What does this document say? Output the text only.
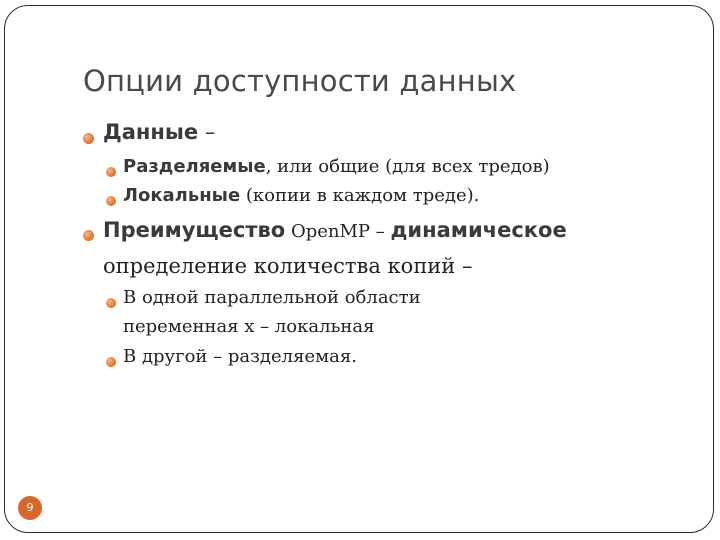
Опции доступности данных
Данные –
Разделяемые, или общие (для всех тредов)
Локальные (копии в каждом треде).
Преимущество OpenMP – динамическое
определение количества копий –
В одной параллельной области
переменная х – локальная
В другой – разделяемая.
9
